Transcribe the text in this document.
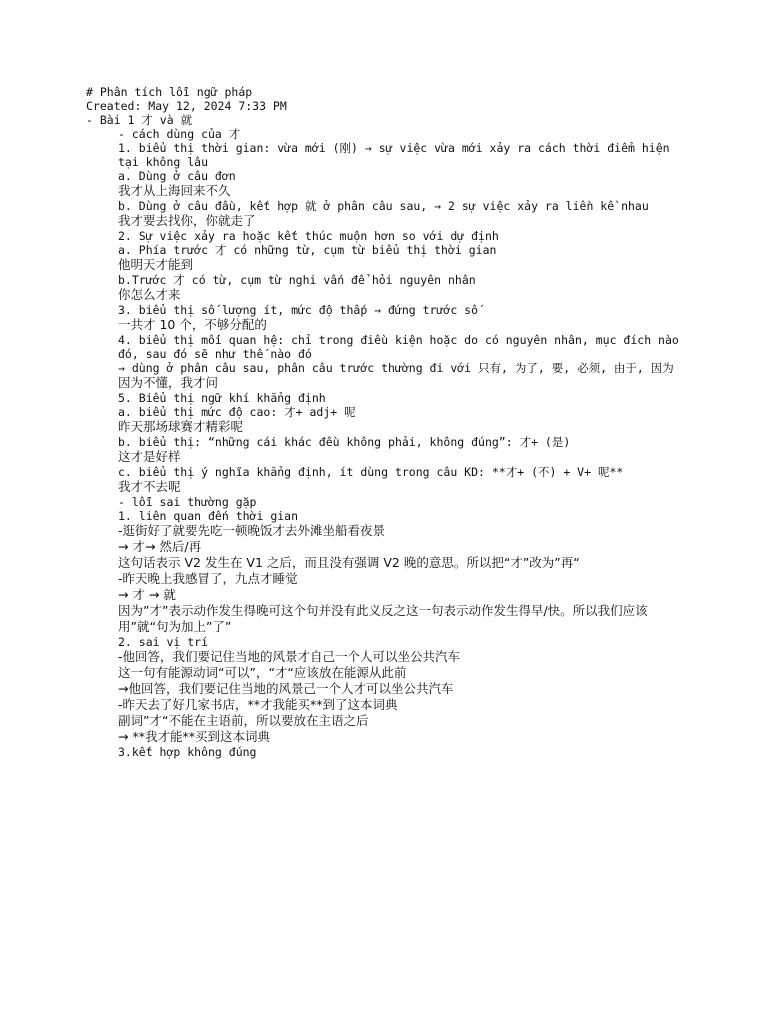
# Phân tích lỗi ngữ pháp

Created: May 12, 2024 7:33 PM

- Bài 1 才 và 就

- cách dùng của 才

1. biểu thị thời gian: vừa mới (刚) → sự việc vừa mới xảy ra cách thời điểm hiện tại không lâu

a. Dùng ở câu đơn

我才从上海回来不久

b. Dùng ở câu đầu, kết hợp 就 ở phân câu sau, → 2 sự việc xảy ra liền kề nhau

我才要去找你，你就走了

2. Sự việc xảy ra hoặc kết thúc muộn hơn so với dự định

a. Phía trước 才 có những từ, cụm từ biểu thị thời gian

他明天才能到

b.Trước 才 có từ, cụm từ nghi vấn để hỏi nguyên nhân

你怎么才来

3. biểu thị số lượng ít, mức độ thấp → đứng trước số

一共才 10 个，不够分配的

4. biểu thị mối quan hệ: chỉ trong điều kiện hoặc do có nguyên nhân, mục đích nào đó, sau đó sẽ như thế nào đó

→ dùng ở phân câu sau, phân câu trước thường đi với 只有, 为了, 要, 必须, 由于, 因为

因为不懂，我才问

5. Biểu thị ngữ khí khẳng định

a. biểu thị mức độ cao: 才+ adj+ 呢

昨天那场球赛才精彩呢

b. biểu thị: “những cái khác đều không phải, không đúng”: 才+ (是)

这才是好样

c. biểu thị ý nghĩa khẳng định, ít dùng trong câu KD: **才+ (不) + V+ 呢**

我才不去呢

- lỗi sai thường gặp

1. liên quan đến thời gian

-逛街好了就要先吃一顿晚饭才去外滩坐船看夜景

→ 才→ 然后/再

这句话表示 V2 发生在 V1 之后，而且没有强调 V2 晚的意思。所以把“才”改为”再“

-昨天晚上我感冒了，九点才睡觉

→ 才 → 就

因为”才”表示动作发生得晚可这个句并没有此义反之这一句表示动作发生得早/快。所以我们应该用”就“句为加上”了”

2. sai vị trí

-他回答，我们要记住当地的风景才自己一个人可以坐公共汽车

这一句有能源动词“可以”，“才“应该放在能源从此前

→他回答，我们要记住当地的风景己一个人才可以坐公共汽车

-昨天去了好几家书店，**才我能买**到了这本词典

副词”才“不能在主语前，所以要放在主语之后

→ **我才能**买到这本词典

3.kết hợp không đúng
